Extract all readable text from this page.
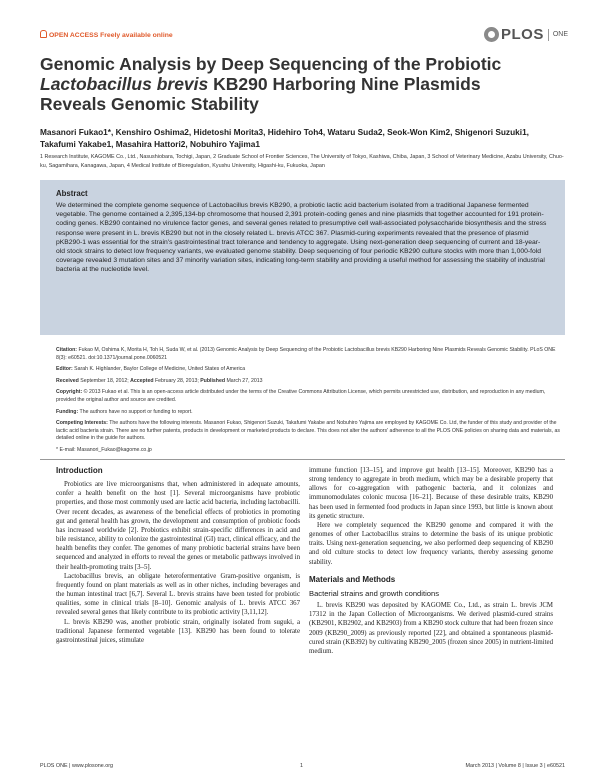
OPEN ACCESS Freely available online	PLOS ONE
Genomic Analysis by Deep Sequencing of the Probiotic
Lactobacillus brevis KB290 Harboring Nine Plasmids
Reveals Genomic Stability
Masanori Fukao1*, Kenshiro Oshima2, Hidetoshi Morita3, Hidehiro Toh4, Wataru Suda2, Seok-Won Kim2, Shigenori Suzuki1, Takafumi Yakabe1, Masahira Hattori2, Nobuhiro Yajima1
1 Research Institute, KAGOME Co., Ltd., Nasushiobara, Tochigi, Japan, 2 Graduate School of Frontier Sciences, The University of Tokyo, Kashiwa, Chiba, Japan, 3 School of Veterinary Medicine, Azabu University, Chuo-ku, Sagamihara, Kanagawa, Japan, 4 Medical Institute of Bioregulation, Kyushu University, Higashi-ku, Fukuoka, Japan
Abstract
We determined the complete genome sequence of Lactobacillus brevis KB290, a probiotic lactic acid bacterium isolated from a traditional Japanese fermented vegetable. The genome contained a 2,395,134-bp chromosome that housed 2,391 protein-coding genes and nine plasmids that together accounted for 191 protein-coding genes. KB290 contained no virulence factor genes, and several genes related to presumptive cell wall-associated polysaccharide biosynthesis and the stress response were present in L. brevis KB290 but not in the closely related L. brevis ATCC 367. Plasmid-curing experiments revealed that the presence of plasmid pKB290-1 was essential for the strain's gastrointestinal tract tolerance and tendency to aggregate. Using next-generation deep sequencing of current and 18-year-old stock strains to detect low frequency variants, we evaluated genome stability. Deep sequencing of four periodic KB290 culture stocks with more than 1,000-fold coverage revealed 3 mutation sites and 37 minority variation sites, indicating long-term stability and providing a useful method for assessing the stability of industrial bacteria at the nucleotide level.

Citation: Fukao M, Oshima K, Morita H, Toh H, Suda W, et al. (2013) Genomic Analysis by Deep Sequencing of the Probiotic Lactobacillus brevis KB290 Harboring Nine Plasmids Reveals Genomic Stability. PLoS ONE 8(3): e60521. doi:10.1371/journal.pone.0060521

Editor: Sarah K. Highlander, Baylor College of Medicine, United States of America

Received September 18, 2012; Accepted February 28, 2013; Published March 27, 2013

Copyright: © 2013 Fukao et al. This is an open-access article distributed under the terms of the Creative Commons Attribution License, which permits unrestricted use, distribution, and reproduction in any medium, provided the original author and source are credited.

Funding: The authors have no support or funding to report.

Competing Interests: The authors have the following interests. Masanori Fukao, Shigenori Suzuki, Takafumi Yakabe and Nobuhiro Yajima are employed by KAGOME Co. Ltd, the funder of this study and provider of the lactic acid bacteria strain. There are no further patents, products in development or marketed products to declare. This does not alter the authors' adherence to all the PLOS ONE policies on sharing data and materials, as detailed online in the guide for authors.

* E-mail: Masanori_Fukao@kagome.co.jp

Introduction

Probiotics are live microorganisms that, when administered in adequate amounts, confer a health benefit on the host [1]. Several microorganisms have probiotic properties, and those most commonly used are lactic acid bacteria, including lactobacilli. Over recent decades, as awareness of the beneficial effects of probiotics in promoting gut and general health has grown, the development and consumption of probiotic foods has increased worldwide [2]. Probiotics exhibit strain-specific differences in acid and bile resistance, ability to colonize the gastrointestinal (GI) tract, clinical efficacy, and the health benefits they confer. The genomes of many probiotic bacterial strains have been sequenced and analyzed in efforts to reveal the genes or metabolic pathways involved in their health-promoting traits [3–5].

Lactobacillus brevis, an obligate heterofermentative Gram-positive organism, is frequently found on plant materials as well as in other niches, including beverages and the human intestinal tract [6,7]. Several L. brevis strains have been tested for probiotic qualities, some in clinical trials [8–10]. Genomic analysis of L. brevis ATCC 367 revealed several genes that likely contribute to its probiotic activity [3,11,12].

L. brevis KB290 was, another probiotic strain, originally isolated from suguki, a traditional Japanese fermented vegetable [13]. KB290 has been found to tolerate gastrointestinal juices, stimulate

immune function [13–15], and improve gut health [13–15]. Moreover, KB290 has a strong tendency to aggregate in broth medium, which may be a desirable property that allows for co-aggregation with pathogenic bacteria, and it colonizes and immunomodulates colonic mucosa [16–21]. Because of these desirable traits, KB290 has been used in fermented food products in Japan since 1993, but little is known about its genetic structure.

Here we completely sequenced the KB290 genome and compared it with the genomes of other Lactobacillus strains to determine the basis of its unique probiotic traits. Using next-generation sequencing, we also performed deep sequencing of KB290 and old culture stocks to detect low frequency variants, thereby assessing genome stability.

Materials and Methods
Bacterial strains and growth conditions

L. brevis KB290 was deposited by KAGOME Co., Ltd., as strain L. brevis JCM 17312 in the Japan Collection of Microorganisms. We derived plasmid-cured strains (KB2901, KB2902, and KB2903) from a KB290 stock culture that had been frozen since 2009 (KB290_2009) as previously reported [22], and obtained a spontaneous plasmid-cured strain (KB392) by cultivating KB290_2005 (frozen since 2005) in nutrient-limited medium.

PLOS ONE | www.plosone.org	1	March 2013 | Volume 8 | Issue 3 | e60521
